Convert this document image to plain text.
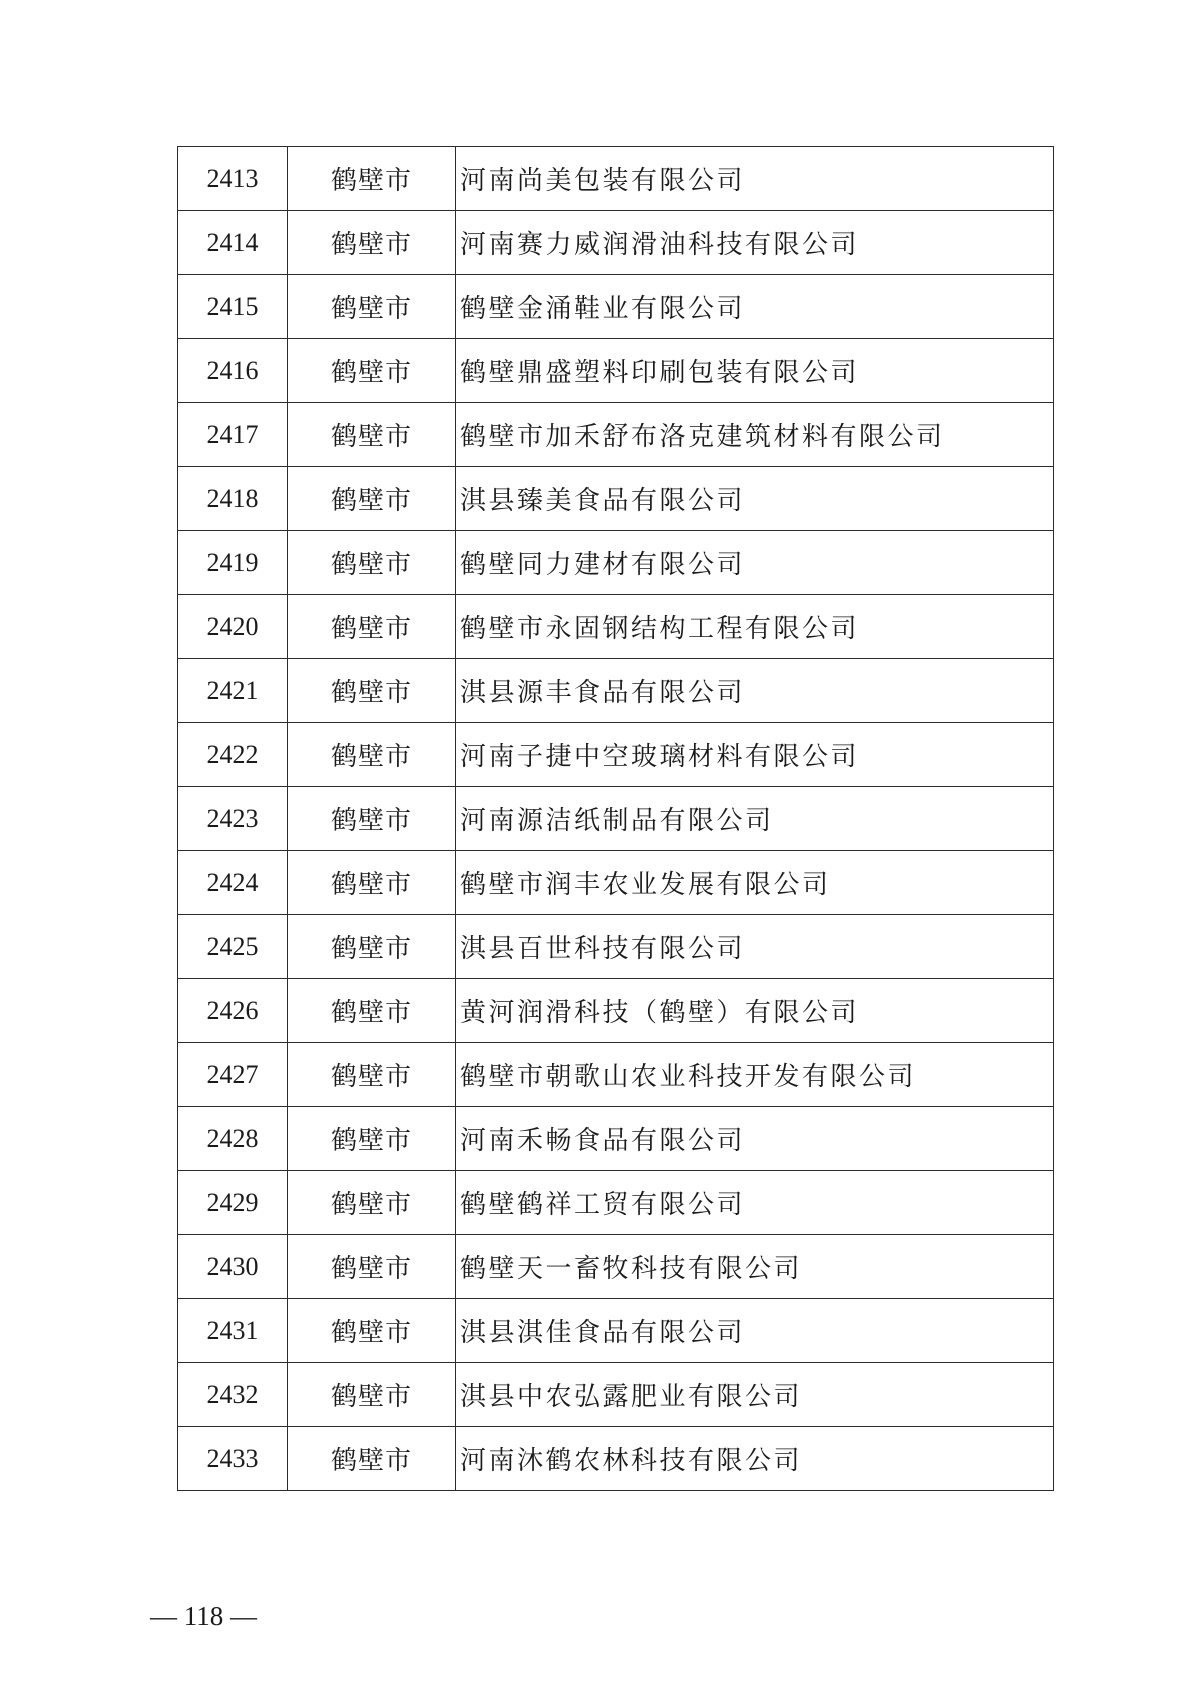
2413	鹤壁市	河南尚美包装有限公司
2414	鹤壁市	河南赛力威润滑油科技有限公司
2415	鹤壁市	鹤壁金涌鞋业有限公司
2416	鹤壁市	鹤壁鼎盛塑料印刷包装有限公司
2417	鹤壁市	鹤壁市加禾舒布洛克建筑材料有限公司
2418	鹤壁市	淇县臻美食品有限公司
2419	鹤壁市	鹤壁同力建材有限公司
2420	鹤壁市	鹤壁市永固钢结构工程有限公司
2421	鹤壁市	淇县源丰食品有限公司
2422	鹤壁市	河南子捷中空玻璃材料有限公司
2423	鹤壁市	河南源洁纸制品有限公司
2424	鹤壁市	鹤壁市润丰农业发展有限公司
2425	鹤壁市	淇县百世科技有限公司
2426	鹤壁市	黄河润滑科技（鹤壁）有限公司
2427	鹤壁市	鹤壁市朝歌山农业科技开发有限公司
2428	鹤壁市	河南禾畅食品有限公司
2429	鹤壁市	鹤壁鹤祥工贸有限公司
2430	鹤壁市	鹤壁天一畜牧科技有限公司
2431	鹤壁市	淇县淇佳食品有限公司
2432	鹤壁市	淇县中农弘露肥业有限公司
2433	鹤壁市	河南沐鹤农林科技有限公司
— 118 —
